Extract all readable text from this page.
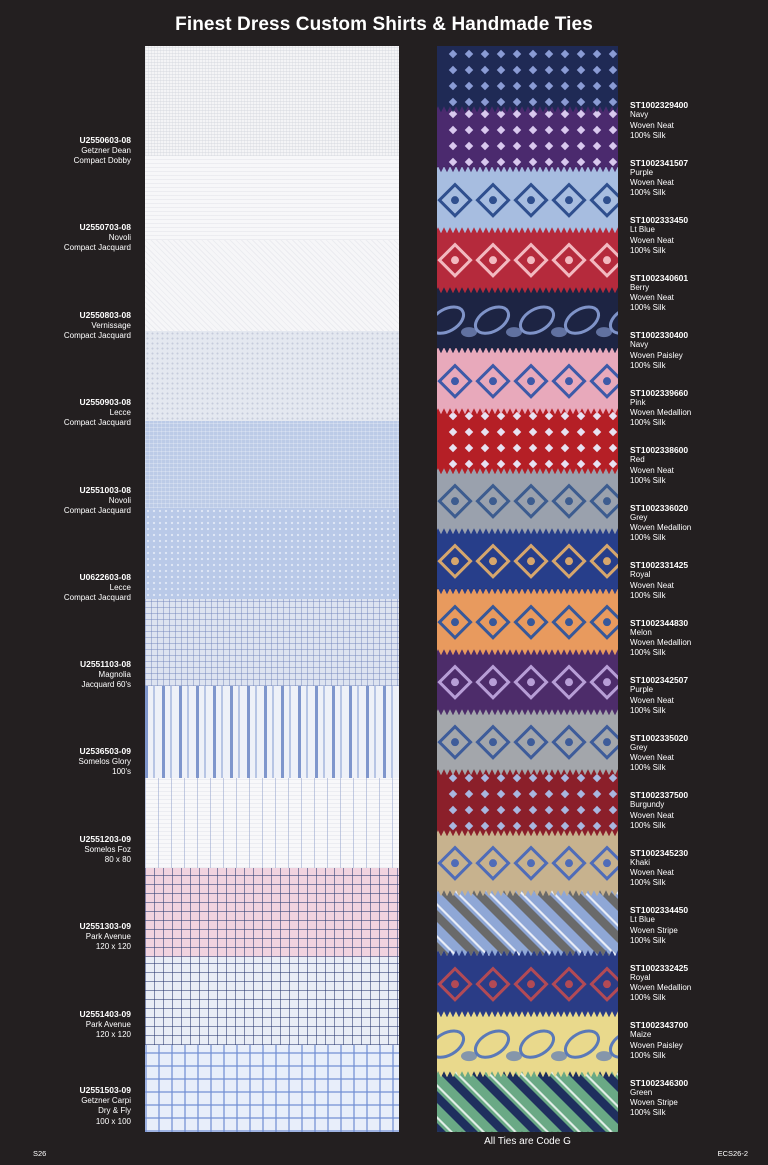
Finest Dress Custom Shirts & Handmade Ties
U2550603-08
Getzner Dean
Compact Dobby
U2550703-08
Novoli
Compact Jacquard
U2550803-08
Vernissage
Compact Jacquard
U2550903-08
Lecce
Compact Jacquard
U2551003-08
Novoli
Compact Jacquard
U0622603-08
Lecce
Compact Jacquard
U2551103-08
Magnolia
Jacquard 60's
U2536503-09
Somelos Glory
100's
U2551203-09
Somelos Foz
80 x 80
U2551303-09
Park Avenue
120 x 120
U2551403-09
Park Avenue
120 x 120
U2551503-09
Getzner Carpi
Dry & Fly
100 x 100
ST1002329400
Navy
Woven Neat
100% Silk
ST1002341507
Purple
Woven Neat
100% Silk
ST1002333450
Lt Blue
Woven Neat
100% Silk
ST1002340601
Berry
Woven Neat
100% Silk
ST1002330400
Navy
Woven Paisley
100% Silk
ST1002339660
Pink
Woven Medallion
100% Silk
ST1002338600
Red
Woven Neat
100% Silk
ST1002336020
Grey
Woven Medallion
100% Silk
ST1002331425
Royal
Woven Neat
100% Silk
ST1002344830
Melon
Woven Medallion
100% Silk
ST1002342507
Purple
Woven Neat
100% Silk
ST1002335020
Grey
Woven Neat
100% Silk
ST1002337500
Burgundy
Woven Neat
100% Silk
ST1002345230
Khaki
Woven Neat
100% Silk
ST1002334450
Lt Blue
Woven Stripe
100% Silk
ST1002332425
Royal
Woven Medallion
100% Silk
ST1002343700
Maize
Woven Paisley
100% Silk
ST1002346300
Green
Woven Stripe
100% Silk
All Ties are Code G
S26	ECS26-2
